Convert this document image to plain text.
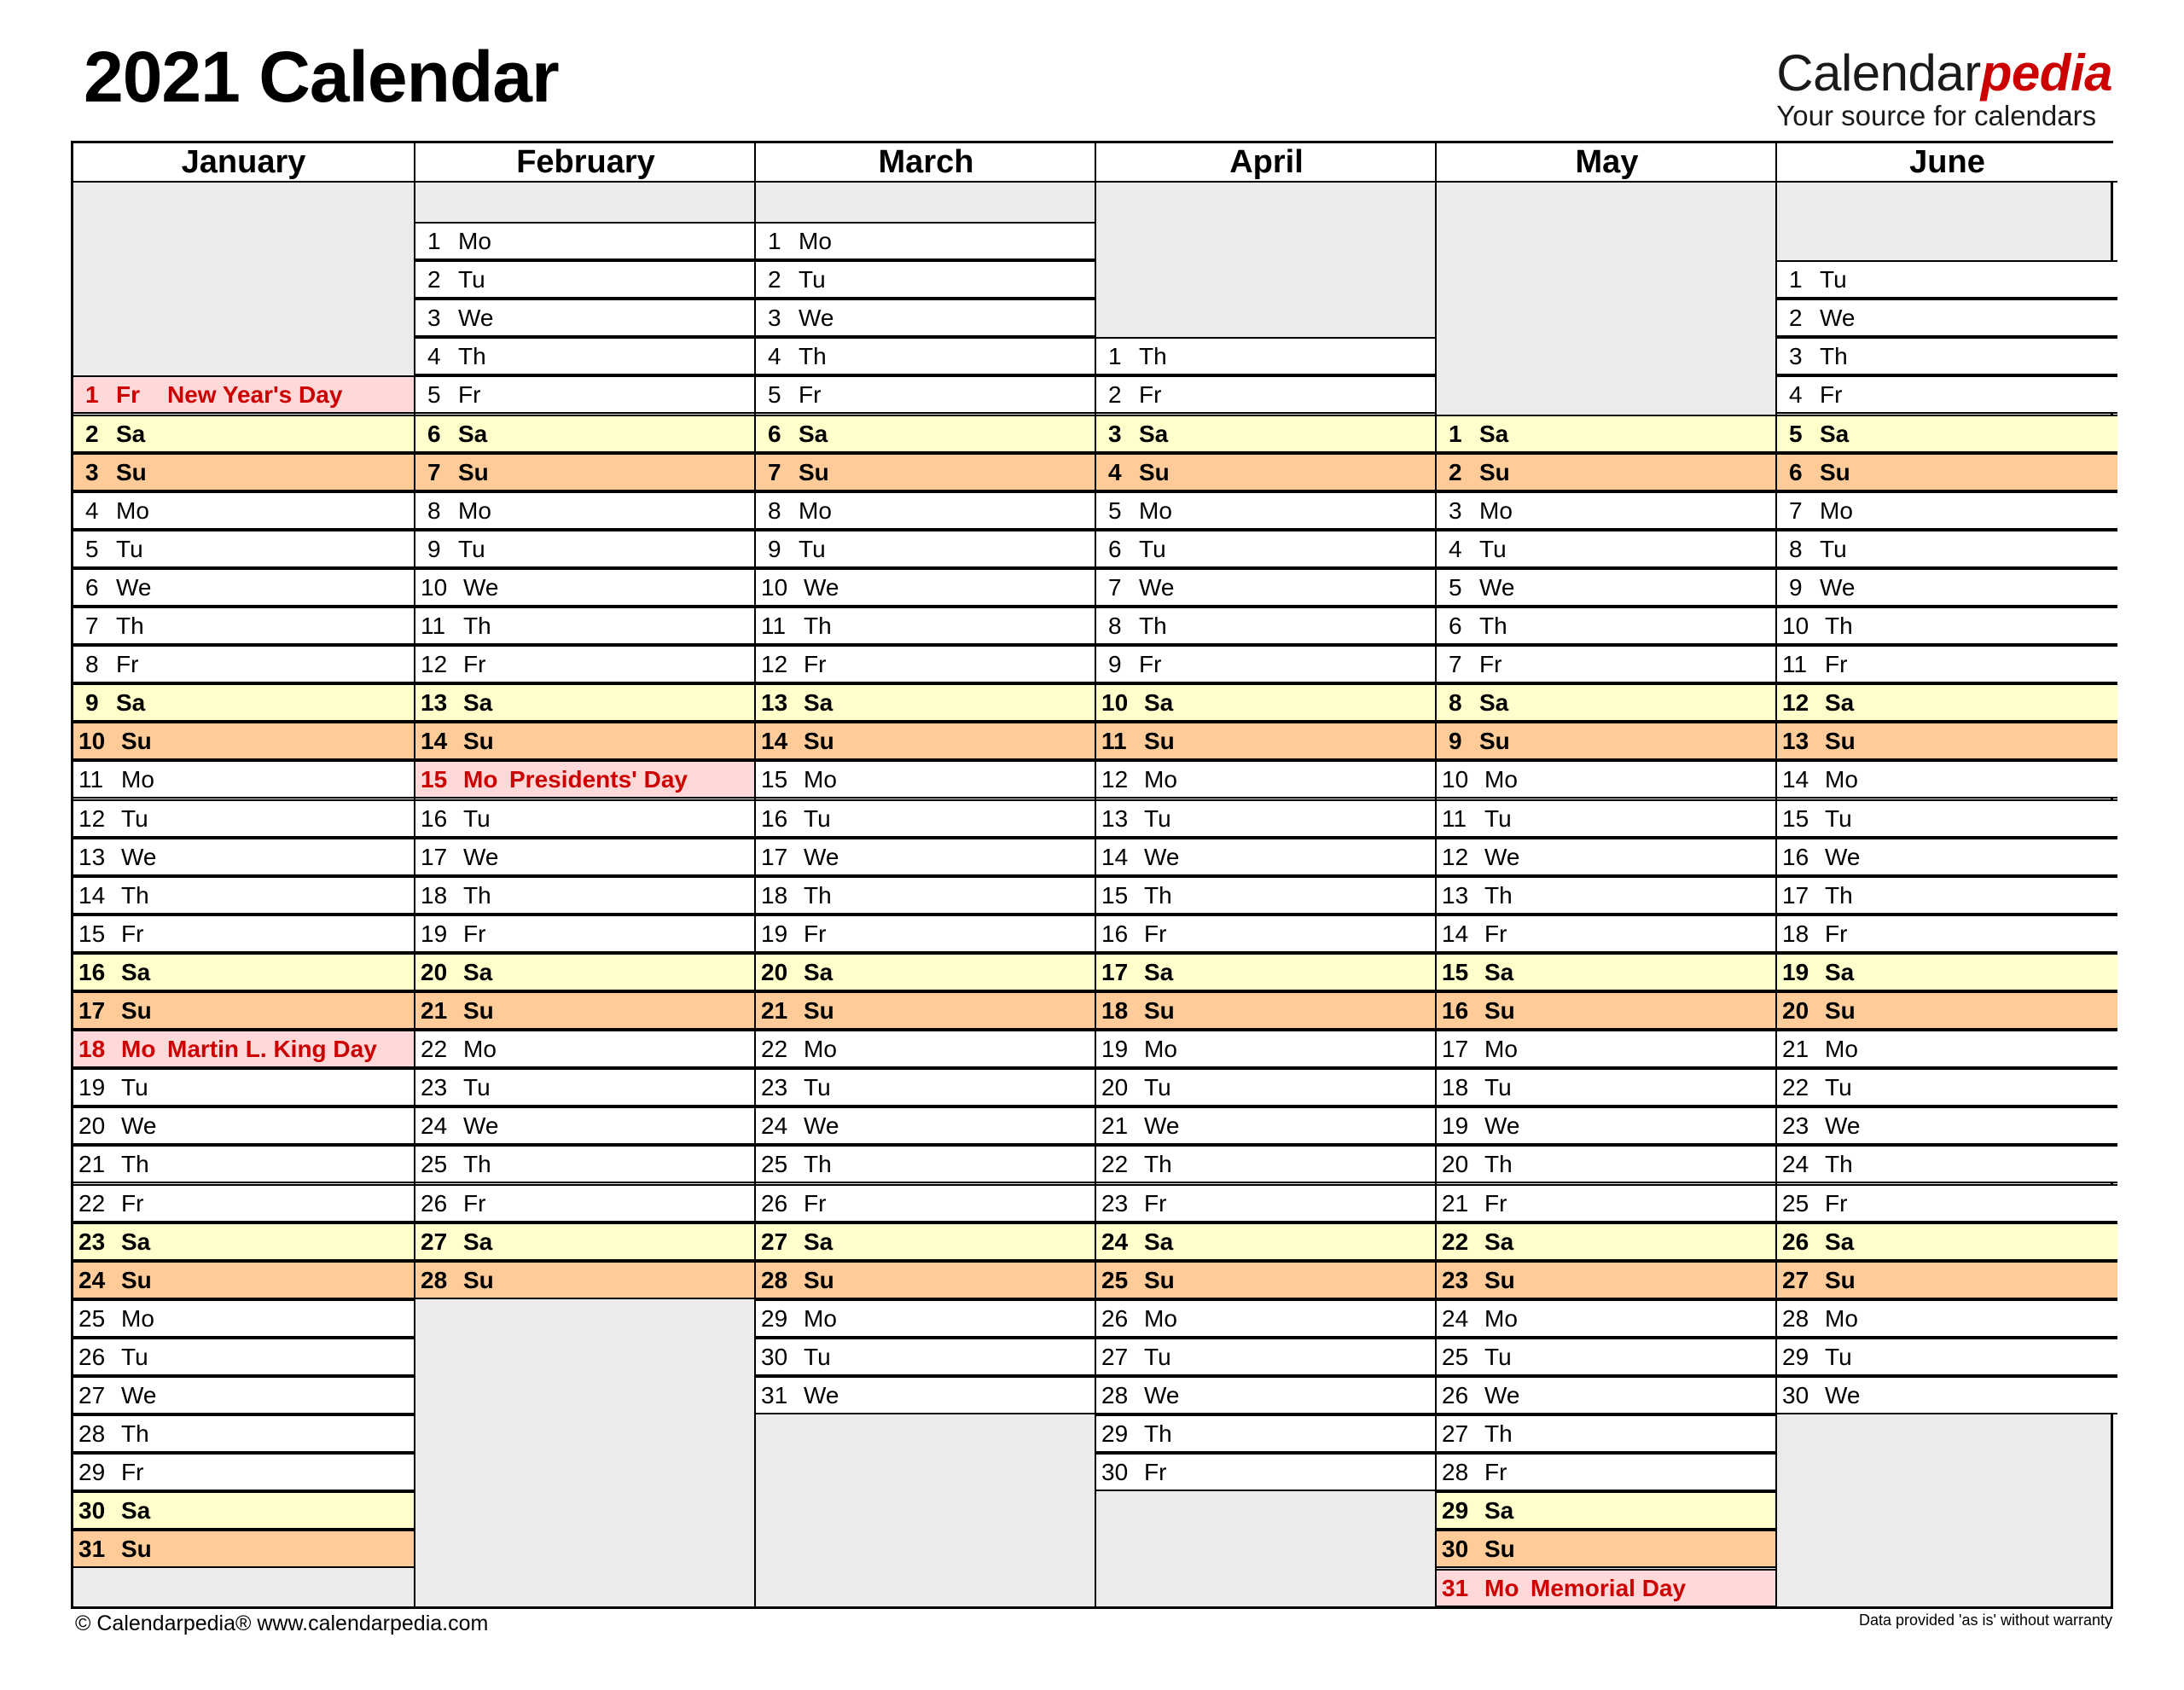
2021 Calendar	Calendarpedia
Your source for calendars
January
1 Fr New Year's Day
2 Sa
3 Su
4 Mo
5 Tu
6 We
7 Th
8 Fr
9 Sa
10 Su
11 Mo
12 Tu
13 We
14 Th
15 Fr
16 Sa
17 Su
18 Mo Martin L. King Day
19 Tu
20 We
21 Th
22 Fr
23 Sa
24 Su
25 Mo
26 Tu
27 We
28 Th
29 Fr
30 Sa
31 Su
February
1 Mo
2 Tu
3 We
4 Th
5 Fr
6 Sa
7 Su
8 Mo
9 Tu
10 We
11 Th
12 Fr
13 Sa
14 Su
15 Mo Presidents' Day
16 Tu
17 We
18 Th
19 Fr
20 Sa
21 Su
22 Mo
23 Tu
24 We
25 Th
26 Fr
27 Sa
28 Su
March
1 Mo
2 Tu
3 We
4 Th
5 Fr
6 Sa
7 Su
8 Mo
9 Tu
10 We
11 Th
12 Fr
13 Sa
14 Su
15 Mo
16 Tu
17 We
18 Th
19 Fr
20 Sa
21 Su
22 Mo
23 Tu
24 We
25 Th
26 Fr
27 Sa
28 Su
29 Mo
30 Tu
31 We
April
1 Th
2 Fr
3 Sa
4 Su
5 Mo
6 Tu
7 We
8 Th
9 Fr
10 Sa
11 Su
12 Mo
13 Tu
14 We
15 Th
16 Fr
17 Sa
18 Su
19 Mo
20 Tu
21 We
22 Th
23 Fr
24 Sa
25 Su
26 Mo
27 Tu
28 We
29 Th
30 Fr
May
1 Sa
2 Su
3 Mo
4 Tu
5 We
6 Th
7 Fr
8 Sa
9 Su
10 Mo
11 Tu
12 We
13 Th
14 Fr
15 Sa
16 Su
17 Mo
18 Tu
19 We
20 Th
21 Fr
22 Sa
23 Su
24 Mo
25 Tu
26 We
27 Th
28 Fr
29 Sa
30 Su
31 Mo Memorial Day
June
1 Tu
2 We
3 Th
4 Fr
5 Sa
6 Su
7 Mo
8 Tu
9 We
10 Th
11 Fr
12 Sa
13 Su
14 Mo
15 Tu
16 We
17 Th
18 Fr
19 Sa
20 Su
21 Mo
22 Tu
23 We
24 Th
25 Fr
26 Sa
27 Su
28 Mo
29 Tu
30 We
© Calendarpedia® www.calendarpedia.com	Data provided 'as is' without warranty
